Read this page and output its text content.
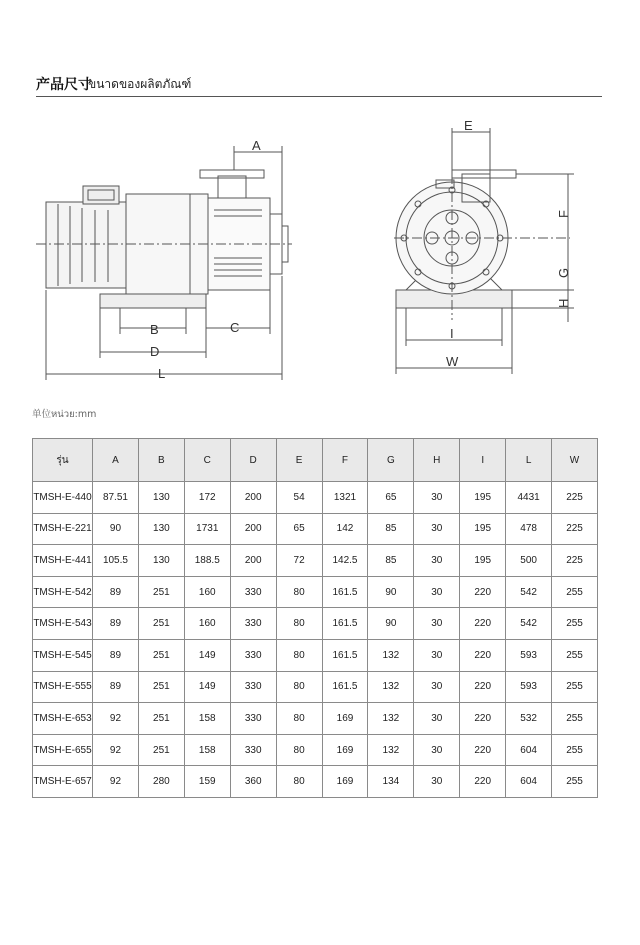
产品尺寸
ขนาดของผลิตภัณฑ์
A
B	C
D
L
E
F
G
H
I
W
单位หน่วย:mm
รุ่น	A	B	C	D	E	F	G	H	I	L	W
TMSH-E-440	87.51	130	172	200	54	1321	65	30	195	4431	225
TMSH-E-221	90	130	1731	200	65	142	85	30	195	478	225
TMSH-E-441	105.5	130	188.5	200	72	142.5	85	30	195	500	225
TMSH-E-542	89	251	160	330	80	161.5	90	30	220	542	255
TMSH-E-543	89	251	160	330	80	161.5	90	30	220	542	255
TMSH-E-545	89	251	149	330	80	161.5	132	30	220	593	255
TMSH-E-555	89	251	149	330	80	161.5	132	30	220	593	255
TMSH-E-653	92	251	158	330	80	169	132	30	220	532	255
TMSH-E-655	92	251	158	330	80	169	132	30	220	604	255
TMSH-E-657	92	280	159	360	80	169	134	30	220	604	255
